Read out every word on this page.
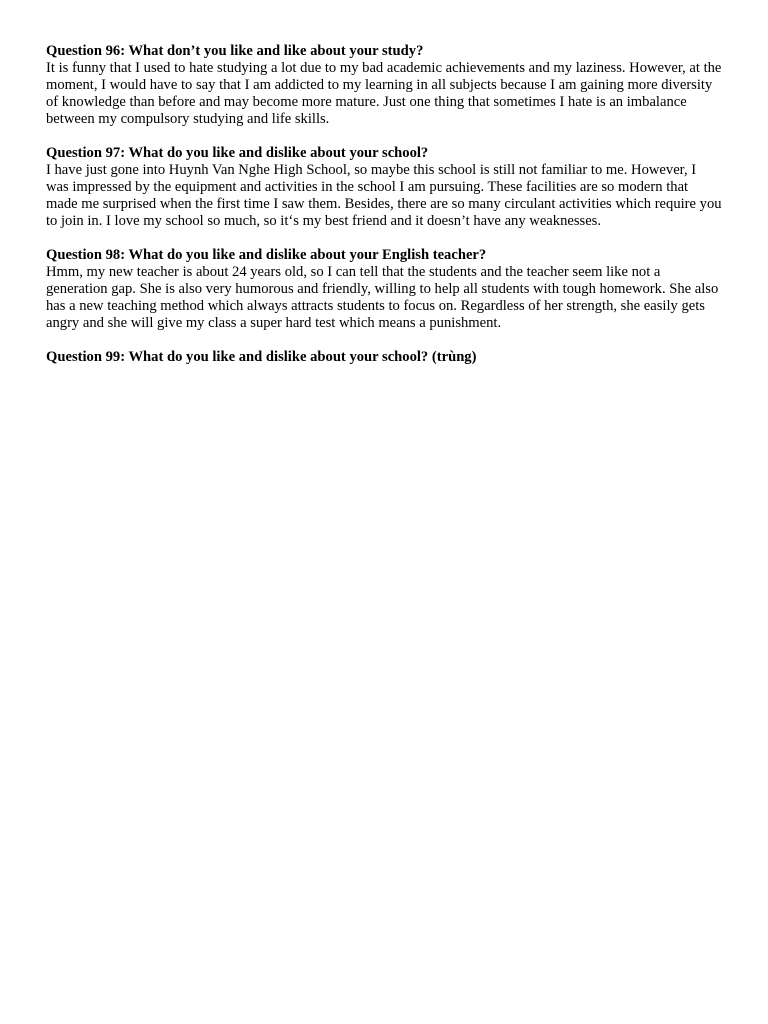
Question 96: What don’t you like and like about your study?
It is funny that I used to hate studying a lot due to my bad academic achievements and my laziness. However, at the moment, I would have to say that I am addicted to my learning in all subjects because I am gaining more diversity of knowledge than before and may become more mature. Just one thing that sometimes I hate is an imbalance between my compulsory studying and life skills.
Question 97: What do you like and dislike about your school?
I have just gone into Huynh Van Nghe High School, so maybe this school is still not familiar to me. However, I was impressed by the equipment and activities in the school I am pursuing. These facilities are so modern that made me surprised when the first time I saw them. Besides, there are so many circulant activities which require you to join in. I love my school so much, so it‘s my best friend and it doesn’t have any weaknesses.
Question 98: What do you like and dislike about your English teacher?
Hmm, my new teacher is about 24 years old, so I can tell that the students and the teacher seem like not a generation gap. She is also very humorous and friendly, willing to help all students with tough homework. She also has a new teaching method which always attracts students to focus on. Regardless of her strength, she easily gets angry and she will give my class a super hard test which means a punishment.
Question 99: What do you like and dislike about your school? (trùng)
